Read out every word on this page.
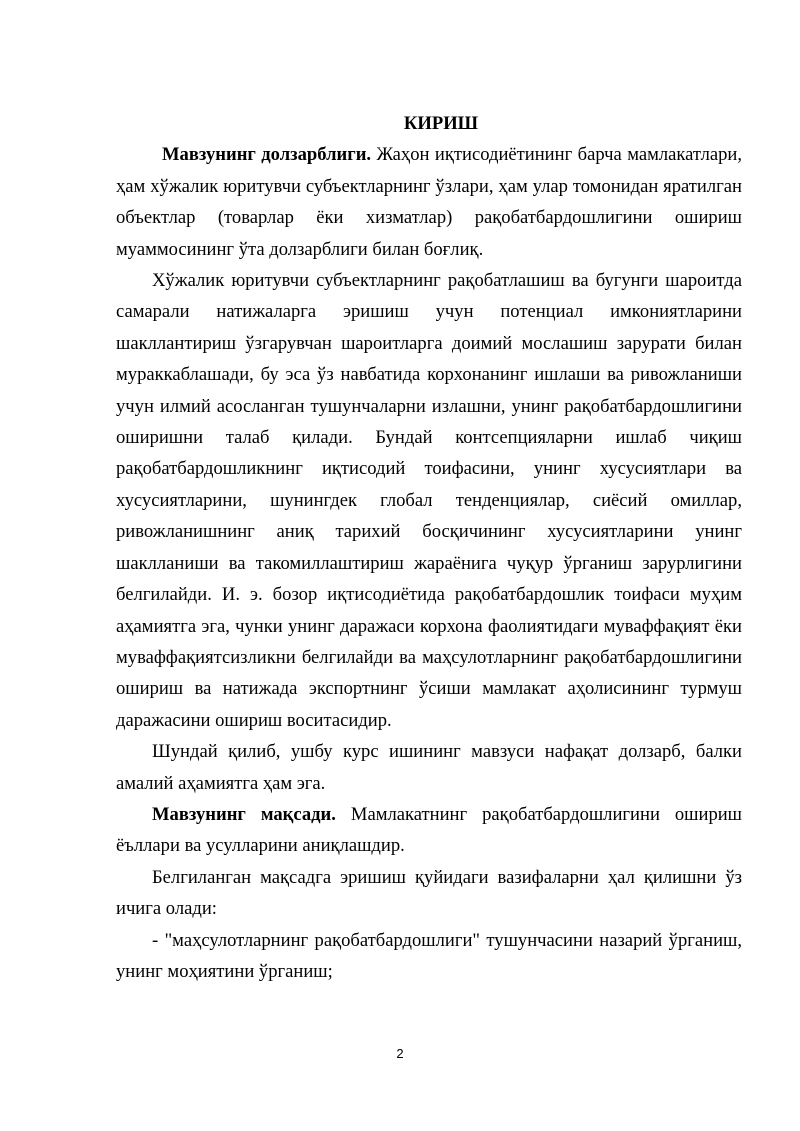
КИРИШ

Мавзунинг долзарблиги. Жаҳон иқтисодиётининг барча мамлакатлари, ҳам хўжалик юритувчи субъектларнинг ўзлари, ҳам улар томонидан яратилган объектлар (товарлар ёки хизматлар) рақобатбардошлигини ошириш муаммосининг ўта долзарблиги билан боғлиқ.

Хўжалик юритувчи субъектларнинг рақобатлашиш ва бугунги шароитда самарали натижаларга эришиш учун потенциал имкониятларини шакллантириш ўзгарувчан шароитларга доимий мослашиш зарурати билан мураккаблашади, бу эса ўз навбатида корхонанинг ишлаши ва ривожланиши учун илмий асосланган тушунчаларни излашни, унинг рақобатбардошлигини оширишни талаб қилади. Бундай контсепцияларни ишлаб чиқиш рақобатбардошликнинг иқтисодий тоифасини, унинг хусусиятлари ва хусусиятларини, шунингдек глобал тенденциялар, сиёсий омиллар, ривожланишнинг аниқ тарихий босқичининг хусусиятларини унинг шаклланиши ва такомиллаштириш жараёнига чуқур ўрганиш зарурлигини белгилайди. И. э. бозор иқтисодиётида рақобатбардошлик тоифаси муҳим аҳамиятга эга, чунки унинг даражаси корхона фаолиятидаги муваффақият ёки муваффақиятсизликни белгилайди ва маҳсулотларнинг рақобатбардошлигини ошириш ва натижада экспортнинг ўсиши мамлакат аҳолисининг турмуш даражасини ошириш воситасидир.

Шундай қилиб, ушбу курс ишининг мавзуси нафақат долзарб, балки амалий аҳамиятга ҳам эга.

Мавзунинг мақсади. Мамлакатнинг рақобатбардошлигини ошириш ёъллари ва усулларини аниқлашдир.

Белгиланган мақсадга эришиш қуйидаги вазифаларни ҳал қилишни ўз ичига олади:

- "маҳсулотларнинг рақобатбардошлиги" тушунчасини назарий ўрганиш, унинг моҳиятини ўрганиш;

2
